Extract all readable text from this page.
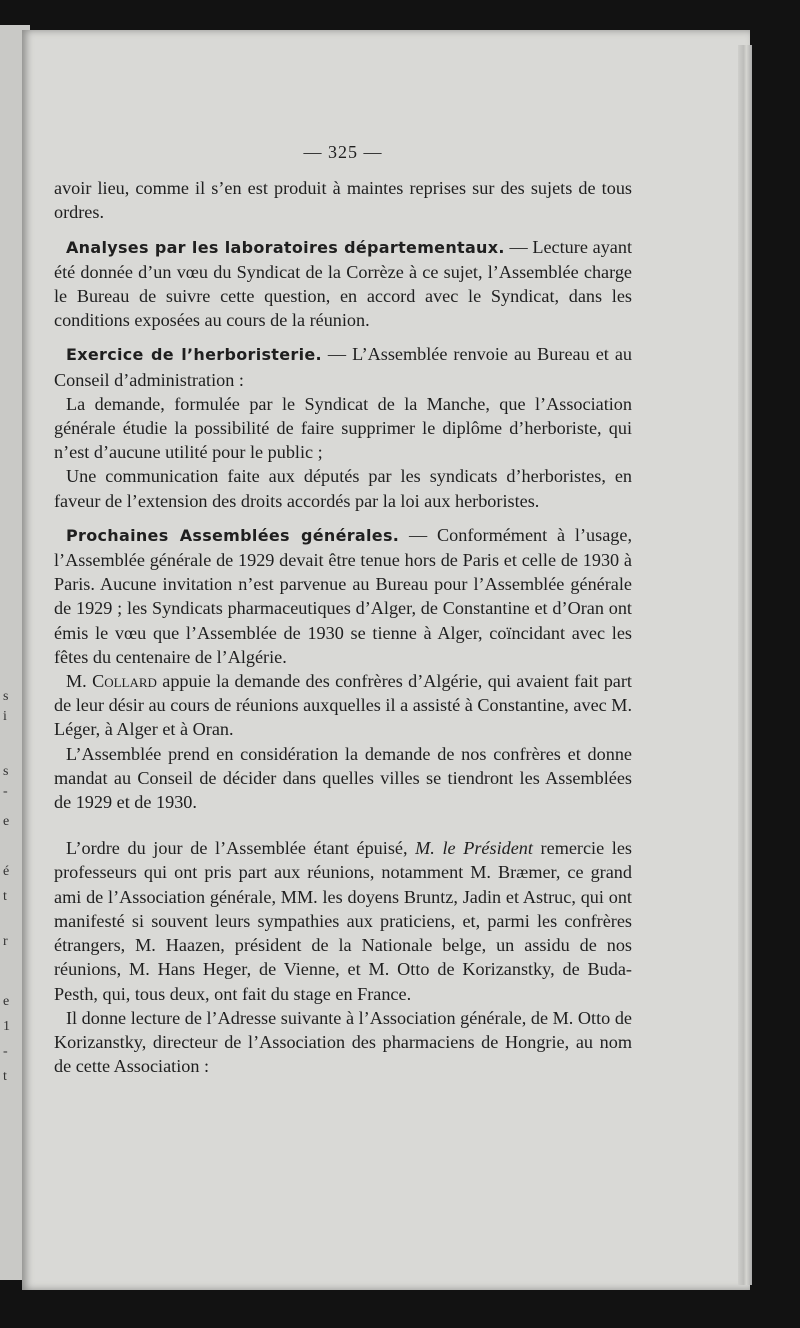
s
i
s
-
e
é
t
r
e
1
-
t
— 325 —

avoir lieu, comme il s’en est produit à maintes reprises sur des sujets de tous ordres.

Analyses par les laboratoires départementaux. — Lecture ayant été donnée d’un vœu du Syndicat de la Corrèze à ce sujet, l’Assemblée charge le Bureau de suivre cette question, en accord avec le Syndicat, dans les conditions exposées au cours de la réunion.

Exercice de l’herboristerie. — L’Assemblée renvoie au Bureau et au Conseil d’administration :

La demande, formulée par le Syndicat de la Manche, que l’Association générale étudie la possibilité de faire supprimer le diplôme d’herboriste, qui n’est d’aucune utilité pour le public ;

Une communication faite aux députés par les syndicats d’herboristes, en faveur de l’extension des droits accordés par la loi aux herboristes.

Prochaines Assemblées générales. — Conformément à l’usage, l’Assemblée générale de 1929 devait être tenue hors de Paris et celle de 1930 à Paris. Aucune invitation n’est parvenue au Bureau pour l’Assemblée générale de 1929 ; les Syndicats pharmaceutiques d’Alger, de Constantine et d’Oran ont émis le vœu que l’Assemblée de 1930 se tienne à Alger, coïncidant avec les fêtes du centenaire de l’Algérie.

M. Collard appuie la demande des confrères d’Algérie, qui avaient fait part de leur désir au cours de réunions auxquelles il a assisté à Constantine, avec M. Léger, à Alger et à Oran.

L’Assemblée prend en considération la demande de nos confrères et donne mandat au Conseil de décider dans quelles villes se tiendront les Assemblées de 1929 et de 1930.

L’ordre du jour de l’Assemblée étant épuisé, M. le Président remercie les professeurs qui ont pris part aux réunions, notamment M. Bræmer, ce grand ami de l’Association générale, MM. les doyens Bruntz, Jadin et Astruc, qui ont manifesté si souvent leurs sympathies aux praticiens, et, parmi les confrères étrangers, M. Haazen, président de la Nationale belge, un assidu de nos réunions, M. Hans Heger, de Vienne, et M. Otto de Korizanstky, de Buda-Pesth, qui, tous deux, ont fait du stage en France.

Il donne lecture de l’Adresse suivante à l’Association générale, de M. Otto de Korizanstky, directeur de l’Association des pharmaciens de Hongrie, au nom de cette Association :
